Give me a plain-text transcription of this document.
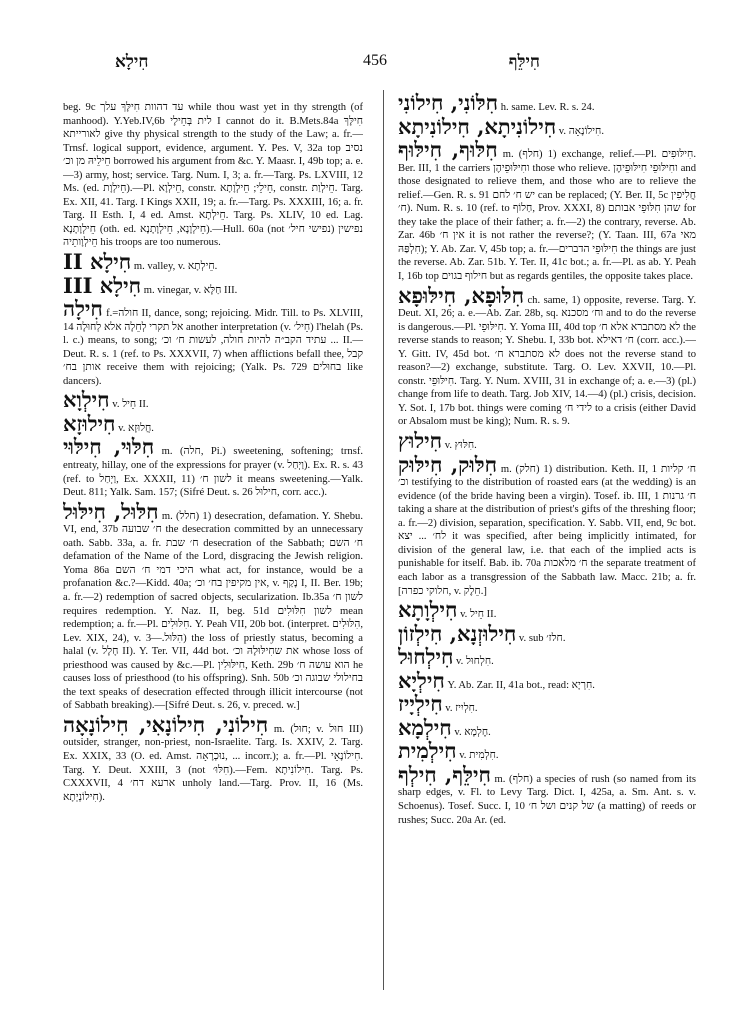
חִילָא	456	חִילֵּף

beg. 9c עד דהוות חִילָּךְ עלך while thou wast yet in thy strength (of manhood). Y.Yeb.IV,6b לית בְּחֵילָי I cannot do it. B.Mets.84a חִילָּךְ לאורייתא give thy physical strength to the study of the Law; a. fr.—Trnsf. logical support, evidence, argument. Y. Pes. V, 32a top נסיב חֵילֵיהּ מן וכ׳ borrowed his argument from &c. Y. Maasr. I, 49b top; a. e.—3) army, host; service. Targ. Num. I, 3; a. fr.—Targ. Ps. LXVIII, 12 Ms. (ed. חֵילְוָת).—Pl. חֵילְוָא, constr. חֵילֵי; חֵילְוָתָא, constr. חֵילְוַת. Targ. Ex. XII, 41. Targ. I Kings XXII, 19; a. fr.—Targ. Ps. XXXIII, 16; a. fr. Targ. II Esth. I, 4 ed. Amst. חֵילְתָא. Targ. Ps. XLIV, 10 ed. Lag. חֵילְוָתָנָא (oth. ed. חֵילְוָנָא, חֵילְוָתָנָא).—Hull. 60a (not נפישי חיל׳) נפישין חֵילְוָותֵיה his troops are too numerous.

חִילָא II m. valley, v. חֵילְתָא.

חִילָא III m. vinegar, v. חַלָּא III.

חִילָה f.=חולה II, dance, song; rejoicing. Midr. Till. to Ps. XLVIII, 14 אל תקרי לְחֵלָה אלא לְחוּלָה another interpretation (v. חֵיל׳) l'helah (Ps. l. c.) means, to song; עתיד הקב״ה להיות חולה, לעשות ח׳ וכ׳ ... II.—Deut. R. s. 1 (ref. to Ps. XXXVII, 7) when afflictions befall thee, קבל אותן בח׳ receive them with rejoicing; (Yalk. Ps. 729 בחוּלים like dancers).

חִילְוָא v. חֵיל II.

חִילוּזָא v. חֲלוּזָא.

חִלּוּי, חִילּוּי m. (חלה, Pi.) sweetening, softening; trnsf. entreaty, hillay, one of the expressions for prayer (v. וַיְחַל). Ex. R. s. 43 (ref. to וַיְחַל, Ex. XXXII, 11) לשון ח׳ it means sweetening.—Yalk. Deut. 811; Yalk. Sam. 157; (Sifré Deut. s. 26 חילוּל, corr. acc.).

חִלּוּל, חִילּוּל m. (חלל) 1) desecration, defamation. Y. Shebu. VI, end, 37b ח׳ שבועה the desecration committed by an unnecessary oath. Sabb. 33a, a. fr. ח׳ שבת desecration of the Sabbath; ח׳ השם defamation of the Name of the Lord, disgracing the Jewish religion. Yoma 86a היכי דמי ח׳ השם what act, for instance, would be a profanation &c.?—Kidd. 40a; אין מקיפין בח׳ וכ׳, v. נָקַף I, II. Ber. 19b; a. fr.—2) redemption of sacred objects, secularization. Ib.35a לשון ח׳ requires redemption. Y. Naz. II, beg. 51d לשון חִלּוּלִים mean redemption; a. fr.—Pl. חִלּוּלִים. Y. Peah VII, 20b bot. (interpret. הִלּוּלִים, Lev. XIX, 24), v. הִלּוּל.—3) the loss of priestly status, becoming a halal (v. חָלָל II). Y. Ter. VII, 44d bot. את שחִילּוּלָהּ וכ׳ whose loss of priesthood was caused by &c.—Pl. חִילּוּלִין, Keth. 29b הוא עושה ח׳ he causes loss of priesthood (to his offspring). Snh. 50b בחילולי שבוגה וכ׳ the text speaks of desecration effected through illicit intercourse (not of Sabbath breaking).—[Sifré Deut. s. 26, v. preced. w.]

חִילוֹנִי, חִילוֹנָאִי, חִילוֹנָאָה m. (חוּל; v. חוּל III) outsider, stranger, non-priest, non-Israelite. Targ. Is. XXIV, 2. Targ. Ex. XXIX, 33 (O. ed. Amst. נוּכְרָאָה, ... incorr.); a. fr.—Pl. חִילוֹנָאֵי. Targ. Y. Deut. XXIII, 3 (not חִלּוּ׳).—Fem. חִילוֹנִיתָא. Targ. Ps. CXXXVII, 4 ארעא דח׳ unholy land.—Targ. Prov. II, 16 (Ms. חִילוֹנְיְתָא).

חִלּוֹנִי, חִילוֹנִי h. same. Lev. R. s. 24.

חִילוֹנִיתָא, חִילוֹנִיתָא v. חִילוֹנָאָה.

חִלּוּף, חִילּוּף m. (חלף) 1) exchange, relief.—Pl. חִילּוּפִים. Ber. III, 1 the carriers וחִילּוּפֵיהֶן those who relieve. וחִילּוּפֵי חִילּוּפֵיהֶן and those designated to relieve them, and those who are to relieve the relief.—Gen. R. s. 91 יש ח׳ לחם can be replaced; (Y. Ber. II, 5c חֲלִיפִין ח׳). Num. R. s. 10 (ref. to חַלוֹף, Prov. XXXI, 8) שהן חִלּוּפֵי אבותם for they take the place of their father; a. fr.—2) the contrary, reverse. Ab. Zar. 46b אין ח׳ it is not rather the reverse?; (Y. Taan. III, 67a מאי חִלְפַּהּ); Y. Ab. Zar. V, 45b top; a. fr.—חִילּוּפֵי הדברים the things are just the reverse. Ab. Zar. 51b. Y. Ter. II, 41c bot.; a. fr.—Pl. as ab. Y. Peah I, 16b top חילוף בגוים but as regards gentiles, the opposite takes place.

חִלּוּפָא, חִילּוּפָא ch. same, 1) opposite, reverse. Targ. Y. Deut. XI, 26; a. e.—Ab. Zar. 28b, sq. וח׳ מסכנא and to do the reverse is dangerous.—Pl. חִילּוּפֵי. Y. Yoma III, 40d top לא מסתברא אלא ח׳ the reverse stands to reason; Y. Shebu. I, 33b bot. ח׳ דאילא (corr. acc.).—Y. Gitt. IV, 45d bot. לא מסתברא ח׳ does not the reverse stand to reason?—2) exchange, substitute. Targ. O. Lev. XXVII, 10.—Pl. constr. חִילּוּפֵי. Targ. Y. Num. XVIII, 31 in exchange of; a. e.—3) (pl.) change from life to death. Targ. Job XIV, 14.—4) (pl.) crisis, decision. Y. Sot. I, 17b bot. things were coming לידי ח׳ to a crisis (either David or Absalom must be king); Num. R. s. 9.

חִילוּץ v. חִלּוּץ.

חִלּוּק, חִילּוּק m. (חלק) 1) distribution. Keth. II, 1 ח׳ קליות וכ׳ testifying to the distribution of roasted ears (at the wedding) is an evidence (of the bride having been a virgin). Tosef. ib. III, 1 ח׳ גרנות taking a share at the distribution of priest's gifts of the threshing floor; a. fr.—2) division, separation, specification. Y. Sabb. VII, end, 9c bot. לח׳ ... יצא it was specified, after being implicitly intimated, for division of the general law, i.e. that each of the implied acts is punishable for itself. Bab. ib. 70a ח׳ מלאכות the separate treatment of each labor as a transgression of the Sabbath law. Macc. 21b; a. fr. [חלוקי כפרה, v. חֵלֶק.]

חִילְוָתָא v. חֵיל II.

חִילוּזְנָא, חִילְזוֹן v. sub חלז׳.

חִילְחוּל v. חִלְחוּל.

חִילְיָא Y. Ab. Zar. II, 41a bot., read: חִרְיָא.

חִילְיָיז v. חִלְיִיז.

חִילְמָא v. חֶלְמָא.

חִילְמִית v. חִלְמִית.

חִילֵּף, חִילְף m. (חלף) a species of rush (so named from its sharp edges, v. Fl. to Levy Targ. Dict. I, 425a, a. Sm. Ant. s. v. Schoenus). Tosef. Succ. I, 10 של קנים ושל ח׳ (a matting) of reeds or rushes; Succ. 20a Ar. (ed.
